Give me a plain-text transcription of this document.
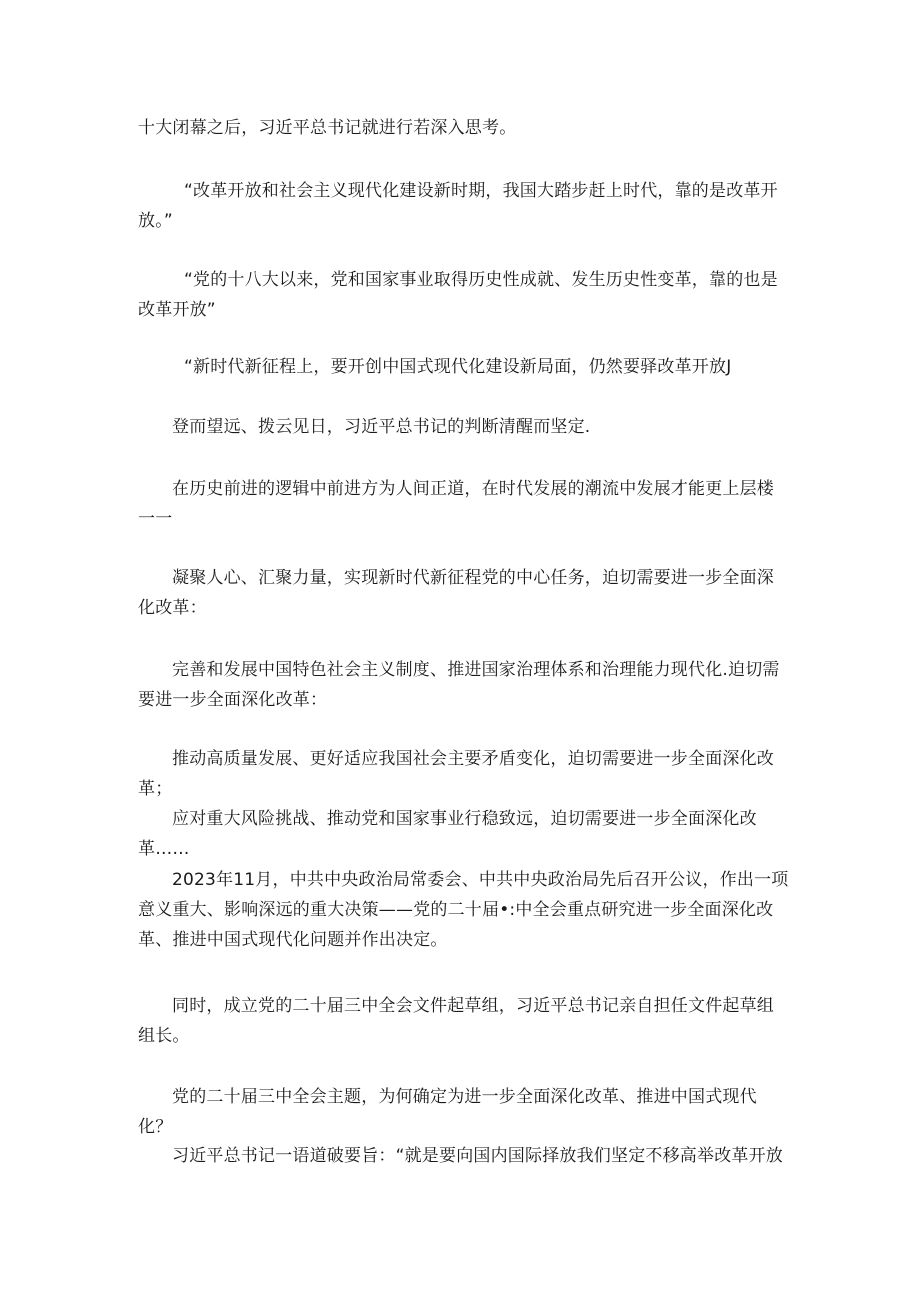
十大闭幕之后，习近平总书记就进行若深入思考。

“改革开放和社会主义现代化建设新时期，我国大踏步赶上时代，靠的是改革开放。”

“党的十八大以来，党和国家事业取得历史性成就、发生历史性变革，靠的也是改革开放”

“新时代新征程上，要开创中国式现代化建设新局面，仍然要驿改革开放J

登而望远、拨云见日，习近平总书记的判断清醒而坚定.

在历史前进的逻辑中前进方为人间正道，在时代发展的潮流中发展才能更上层楼一一

凝聚人心、汇聚力量，实现新时代新征程党的中心任务，迫切需要进一步全面深化改革：

完善和发展中国特色社会主义制度、推进国家治理体系和治理能力现代化.迫切需要进一步全面深化改革：

推动高质量发展、更好适应我国社会主要矛盾变化，迫切需要进一步全面深化改革；

应对重大风险挑战、推动党和国家事业行稳致远，迫切需要进一步全面深化改革……

2023年11月，中共中央政治局常委会、中共中央政治局先后召开公议，作出一项意义重大、影响深远的重大决策——党的二十届•:中全会重点研究进一步全面深化改革、推进中国式现代化问题并作出决定。

同时，成立党的二十届三中全会文件起草组，习近平总书记亲自担任文件起草组组长。

党的二十届三中全会主题，为何确定为进一步全面深化改革、推进中国式现代化？

习近平总书记一语道破要旨：“就是要向国内国际择放我们坚定不移高举改革开放
